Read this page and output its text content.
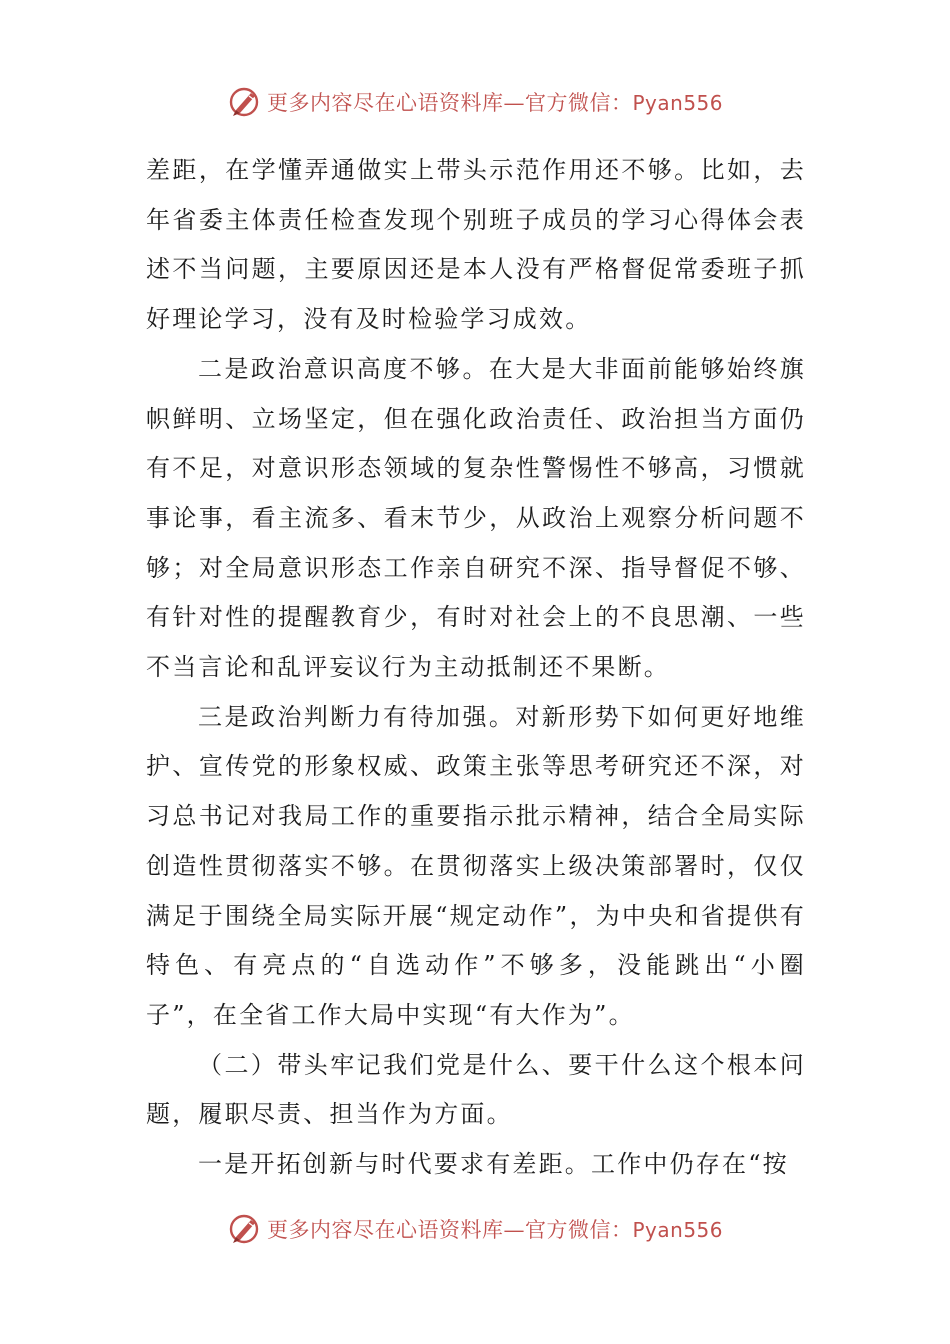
更多内容尽在心语资料库—官方微信：Pyan556

差距，在学懂弄通做实上带头示范作用还不够。比如，去年省委主体责任检查发现个别班子成员的学习心得体会表述不当问题，主要原因还是本人没有严格督促常委班子抓好理论学习，没有及时检验学习成效。

二是政治意识高度不够。在大是大非面前能够始终旗帜鲜明、立场坚定，但在强化政治责任、政治担当方面仍有不足，对意识形态领域的复杂性警惕性不够高，习惯就事论事，看主流多、看末节少，从政治上观察分析问题不够；对全局意识形态工作亲自研究不深、指导督促不够、有针对性的提醒教育少，有时对社会上的不良思潮、一些不当言论和乱评妄议行为主动抵制还不果断。

三是政治判断力有待加强。对新形势下如何更好地维护、宣传党的形象权威、政策主张等思考研究还不深，对习总书记对我局工作的重要指示批示精神，结合全局实际创造性贯彻落实不够。在贯彻落实上级决策部署时，仅仅满足于围绕全局实际开展“规定动作”，为中央和省提供有特色、有亮点的“自选动作”不够多，没能跳出“小圈子”，在全省工作大局中实现“有大作为”。

（二）带头牢记我们党是什么、要干什么这个根本问题，履职尽责、担当作为方面。

一是开拓创新与时代要求有差距。工作中仍存在“按

更多内容尽在心语资料库—官方微信：Pyan556
